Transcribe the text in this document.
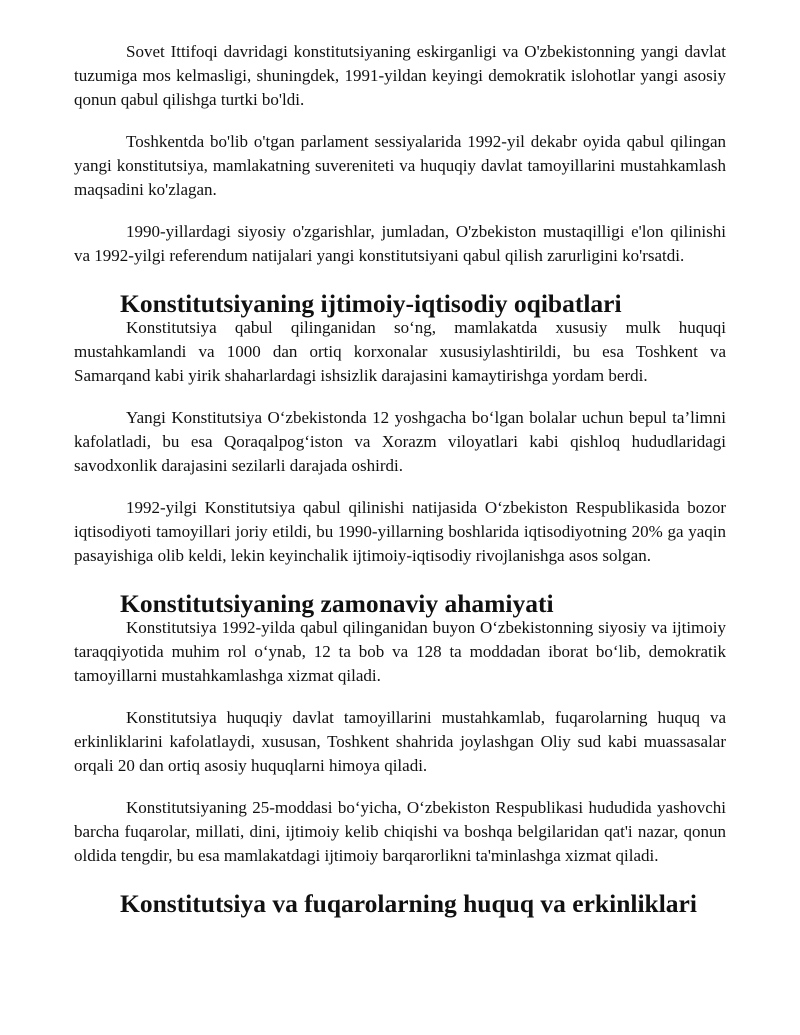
Sovet Ittifoqi davridagi konstitutsiyaning eskirganligi va O'zbekistonning yangi davlat tuzumiga mos kelmasligi, shuningdek, 1991-yildan keyingi demokratik islohotlar yangi asosiy qonun qabul qilishga turtki bo'ldi.

Toshkentda bo'lib o'tgan parlament sessiyalarida 1992-yil dekabr oyida qabul qilingan yangi konstitutsiya, mamlakatning suvereniteti va huquqiy davlat tamoyillarini mustahkamlash maqsadini ko'zlagan.

1990-yillardagi siyosiy o'zgarishlar, jumladan, O'zbekiston mustaqilligi e'lon qilinishi va 1992-yilgi referendum natijalari yangi konstitutsiyani qabul qilish zarurligini ko'rsatdi.

Konstitutsiyaning ijtimoiy-iqtisodiy oqibatlari

Konstitutsiya qabul qilinganidan so‘ng, mamlakatda xususiy mulk huquqi mustahkamlandi va 1000 dan ortiq korxonalar xususiylashtirildi, bu esa Toshkent va Samarqand kabi yirik shaharlardagi ishsizlik darajasini kamaytirishga yordam berdi.

Yangi Konstitutsiya O‘zbekistonda 12 yoshgacha bo‘lgan bolalar uchun bepul ta’limni kafolatladi, bu esa Qoraqalpog‘iston va Xorazm viloyatlari kabi qishloq hududlaridagi savodxonlik darajasini sezilarli darajada oshirdi.

1992-yilgi Konstitutsiya qabul qilinishi natijasida O‘zbekiston Respublikasida bozor iqtisodiyoti tamoyillari joriy etildi, bu 1990-yillarning boshlarida iqtisodiyotning 20% ga yaqin pasayishiga olib keldi, lekin keyinchalik ijtimoiy-iqtisodiy rivojlanishga asos solgan.

Konstitutsiyaning zamonaviy ahamiyati

Konstitutsiya 1992-yilda qabul qilinganidan buyon O‘zbekistonning siyosiy va ijtimoiy taraqqiyotida muhim rol o‘ynab, 12 ta bob va 128 ta moddadan iborat bo‘lib, demokratik tamoyillarni mustahkamlashga xizmat qiladi.

Konstitutsiya huquqiy davlat tamoyillarini mustahkamlab, fuqarolarning huquq va erkinliklarini kafolatlaydi, xususan, Toshkent shahrida joylashgan Oliy sud kabi muassasalar orqali 20 dan ortiq asosiy huquqlarni himoya qiladi.

Konstitutsiyaning 25-moddasi bo‘yicha, O‘zbekiston Respublikasi hududida yashovchi barcha fuqarolar, millati, dini, ijtimoiy kelib chiqishi va boshqa belgilaridan qat'i nazar, qonun oldida tengdir, bu esa mamlakatdagi ijtimoiy barqarorlikni ta'minlashga xizmat qiladi.

Konstitutsiya va fuqarolarning huquq va erkinliklari
